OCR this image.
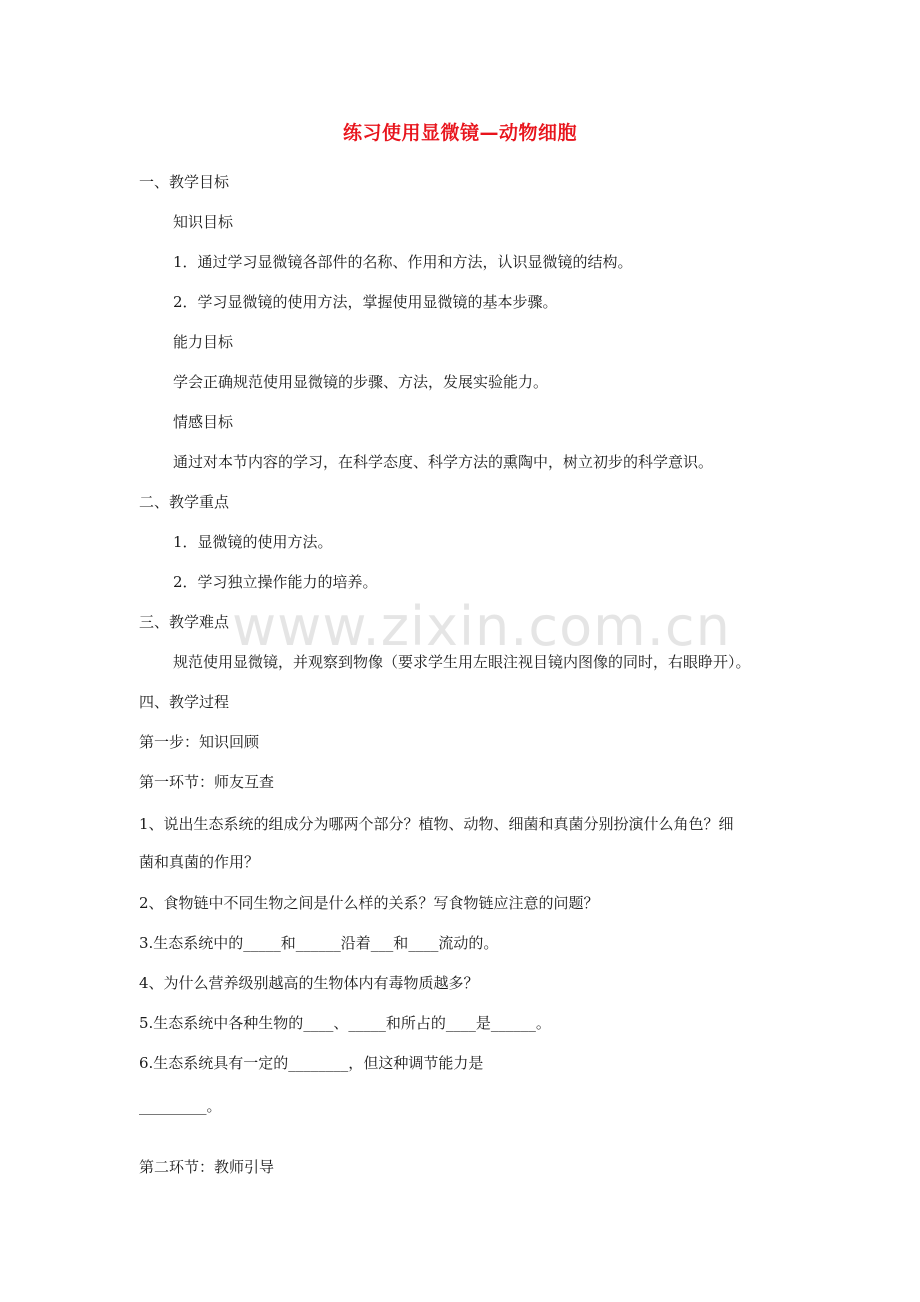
练习使用显微镜—动物细胞
www.zixin.com.cn
一、教学目标
知识目标
1．通过学习显微镜各部件的名称、作用和方法，认识显微镜的结构。
2．学习显微镜的使用方法，掌握使用显微镜的基本步骤。
能力目标
学会正确规范使用显微镜的步骤、方法，发展实验能力。
情感目标
通过对本节内容的学习，在科学态度、科学方法的熏陶中，树立初步的科学意识。
二、教学重点
1．显微镜的使用方法。
2．学习独立操作能力的培养。
三、教学难点
规范使用显微镜，并观察到物像（要求学生用左眼注视目镜内图像的同时，右眼睁开）。
四、教学过程
第一步：知识回顾
第一环节：师友互查
1、说出生态系统的组成分为哪两个部分？植物、动物、细菌和真菌分别扮演什么角色？细
菌和真菌的作用？
2、食物链中不同生物之间是什么样的关系？写食物链应注意的问题？
3.生态系统中的_____和______沿着___和____流动的。
4、为什么营养级别越高的生物体内有毒物质越多？
5.生态系统中各种生物的____、_____和所占的____是______。
6.生态系统具有一定的________，但这种调节能力是
_________。
第二环节：教师引导
